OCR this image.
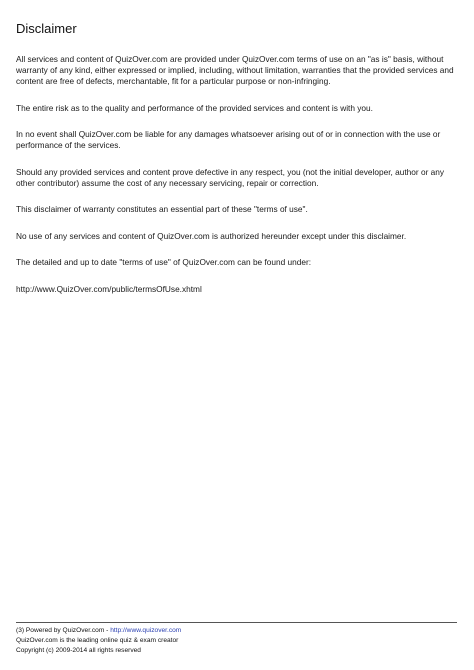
Disclaimer

All services and content of QuizOver.com are provided under QuizOver.com terms of use on an "as is" basis, without warranty of any kind, either expressed or implied, including, without limitation, warranties that the provided services and content are free of defects, merchantable, fit for a particular purpose or non-infringing.

The entire risk as to the quality and performance of the provided services and content is with you.

In no event shall QuizOver.com be liable for any damages whatsoever arising out of or in connection with the use or performance of the services.

Should any provided services and content prove defective in any respect, you (not the initial developer, author or any other contributor) assume the cost of any necessary servicing, repair or correction.

This disclaimer of warranty constitutes an essential part of these "terms of use".

No use of any services and content of QuizOver.com is authorized hereunder except under this disclaimer.

The detailed and up to date "terms of use" of QuizOver.com can be found under:

http://www.QuizOver.com/public/termsOfUse.xhtml

(3) Powered by QuizOver.com - http://www.quizover.com
QuizOver.com is the leading online quiz & exam creator
Copyright (c) 2009-2014 all rights reserved
